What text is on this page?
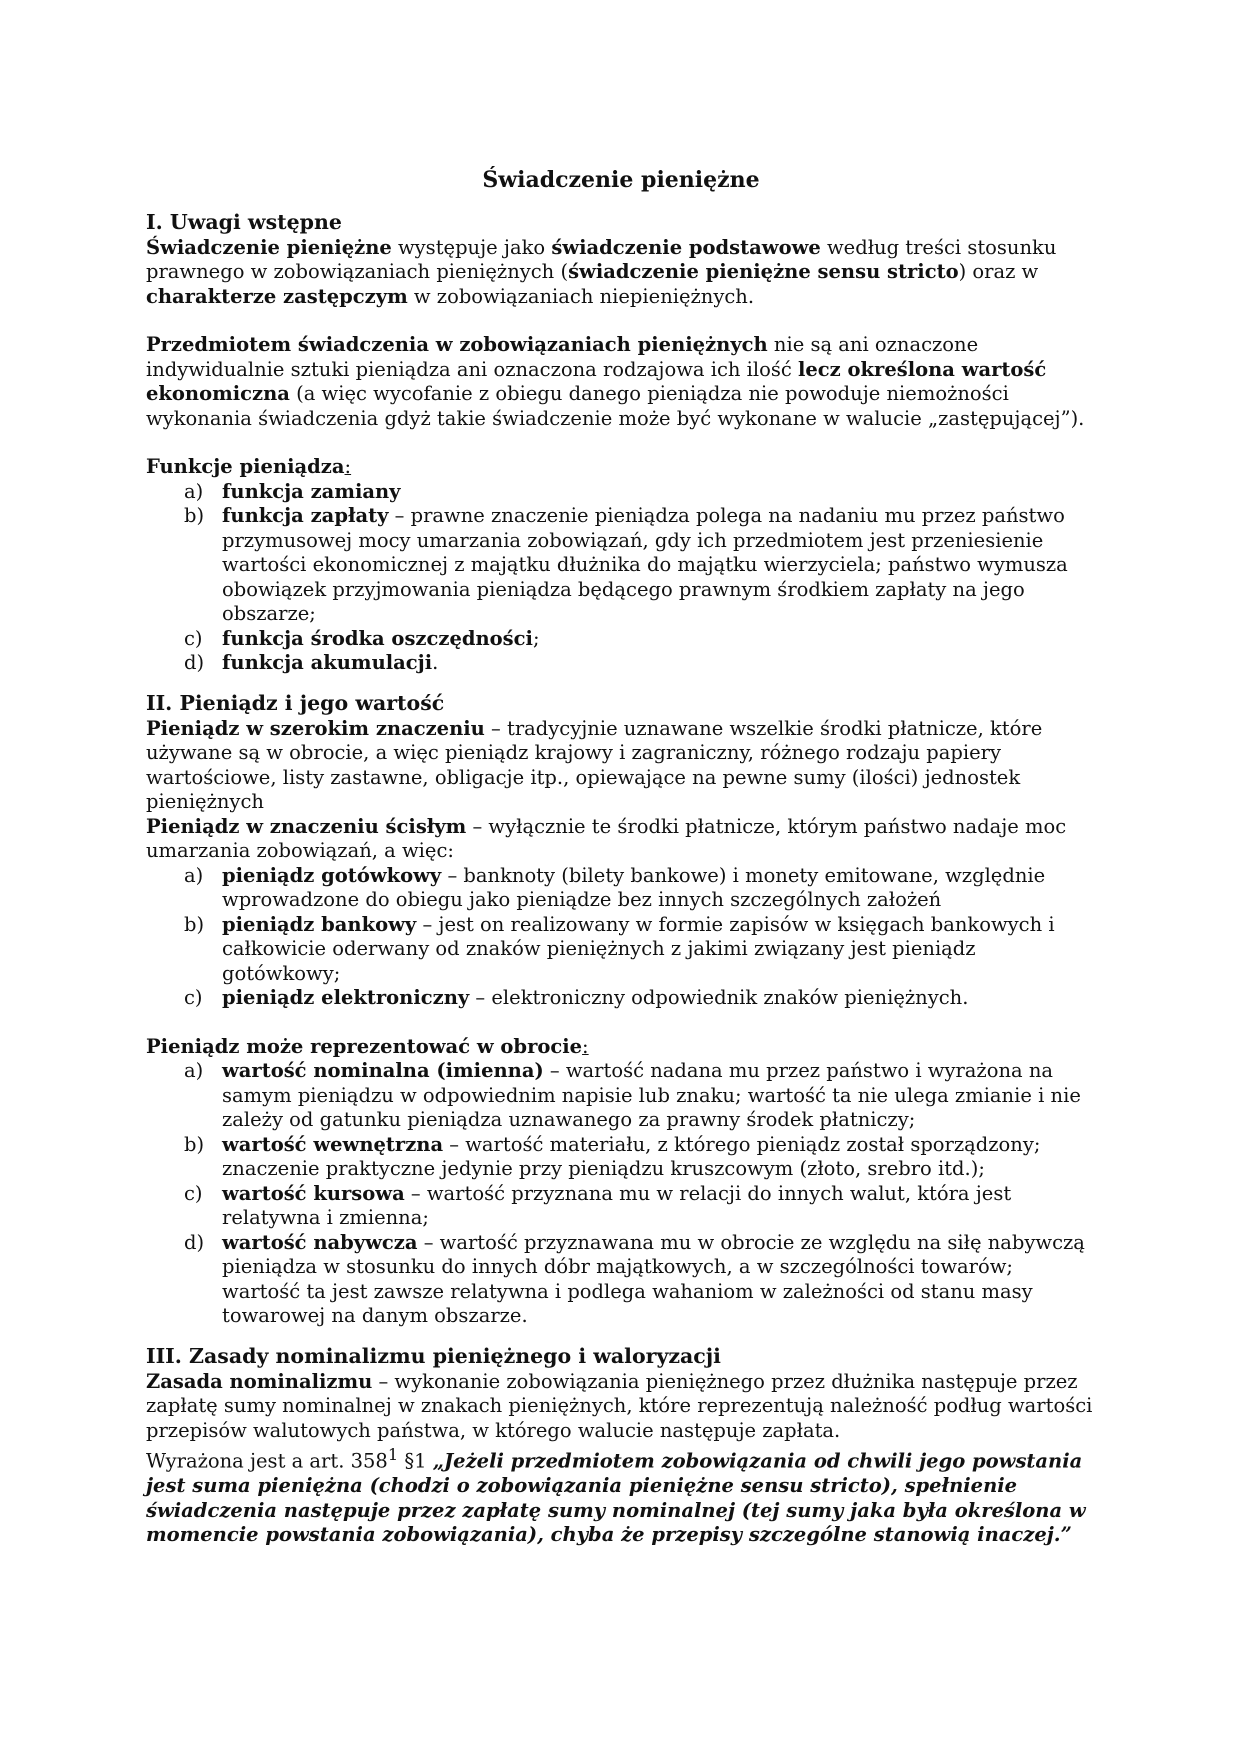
Świadczenie pieniężne
I. Uwagi wstępne

Świadczenie pieniężne występuje jako świadczenie podstawowe według treści stosunku prawnego w zobowiązaniach pieniężnych (świadczenie pieniężne sensu stricto) oraz w charakterze zastępczym w zobowiązaniach niepieniężnych.

Przedmiotem świadczenia w zobowiązaniach pieniężnych nie są ani oznaczone indywidualnie sztuki pieniądza ani oznaczona rodzajowa ich ilość lecz określona wartość ekonomiczna (a więc wycofanie z obiegu danego pieniądza nie powoduje niemożności wykonania świadczenia gdyż takie świadczenie może być wykonane w walucie „zastępującej”).

Funkcje pieniądza:

a) funkcja zamiany
b) funkcja zapłaty – prawne znaczenie pieniądza polega na nadaniu mu przez państwo przymusowej mocy umarzania zobowiązań, gdy ich przedmiotem jest przeniesienie wartości ekonomicznej z majątku dłużnika do majątku wierzyciela; państwo wymusza obowiązek przyjmowania pieniądza będącego prawnym środkiem zapłaty na jego obszarze;
c) funkcja środka oszczędności;
d) funkcja akumulacji.
II. Pieniądz i jego wartość

Pieniądz w szerokim znaczeniu – tradycyjnie uznawane wszelkie środki płatnicze, które używane są w obrocie, a więc pieniądz krajowy i zagraniczny, różnego rodzaju papiery wartościowe, listy zastawne, obligacje itp., opiewające na pewne sumy (ilości) jednostek pieniężnych

Pieniądz w znaczeniu ścisłym – wyłącznie te środki płatnicze, którym państwo nadaje moc umarzania zobowiązań, a więc:

a) pieniądz gotówkowy – banknoty (bilety bankowe) i monety emitowane, względnie wprowadzone do obiegu jako pieniądze bez innych szczególnych założeń
b) pieniądz bankowy – jest on realizowany w formie zapisów w księgach bankowych i całkowicie oderwany od znaków pieniężnych z jakimi związany jest pieniądz gotówkowy;
c) pieniądz elektroniczny – elektroniczny odpowiednik znaków pieniężnych.

Pieniądz może reprezentować w obrocie:

a) wartość nominalna (imienna) – wartość nadana mu przez państwo i wyrażona na samym pieniądzu w odpowiednim napisie lub znaku; wartość ta nie ulega zmianie i nie zależy od gatunku pieniądza uznawanego za prawny środek płatniczy;
b) wartość wewnętrzna – wartość materiału, z którego pieniądz został sporządzony; znaczenie praktyczne jedynie przy pieniądzu kruszcowym (złoto, srebro itd.);
c) wartość kursowa – wartość przyznana mu w relacji do innych walut, która jest relatywna i zmienna;
d) wartość nabywcza – wartość przyznawana mu w obrocie ze względu na siłę nabywczą pieniądza w stosunku do innych dóbr majątkowych, a w szczególności towarów; wartość ta jest zawsze relatywna i podlega wahaniom w zależności od stanu masy towarowej na danym obszarze.
III. Zasady nominalizmu pieniężnego i waloryzacji

Zasada nominalizmu – wykonanie zobowiązania pieniężnego przez dłużnika następuje przez zapłatę sumy nominalnej w znakach pieniężnych, które reprezentują należność podług wartości przepisów walutowych państwa, w którego walucie następuje zapłata.

Wyrażona jest a art. $358^1$ §1 „Jeżeli przedmiotem zobowiązania od chwili jego powstania jest suma pieniężna (chodzi o zobowiązania pieniężne sensu stricto), spełnienie świadczenia następuje przez zapłatę sumy nominalnej (tej sumy jaka była określona w momencie powstania zobowiązania), chyba że przepisy szczególne stanowią inaczej.”
